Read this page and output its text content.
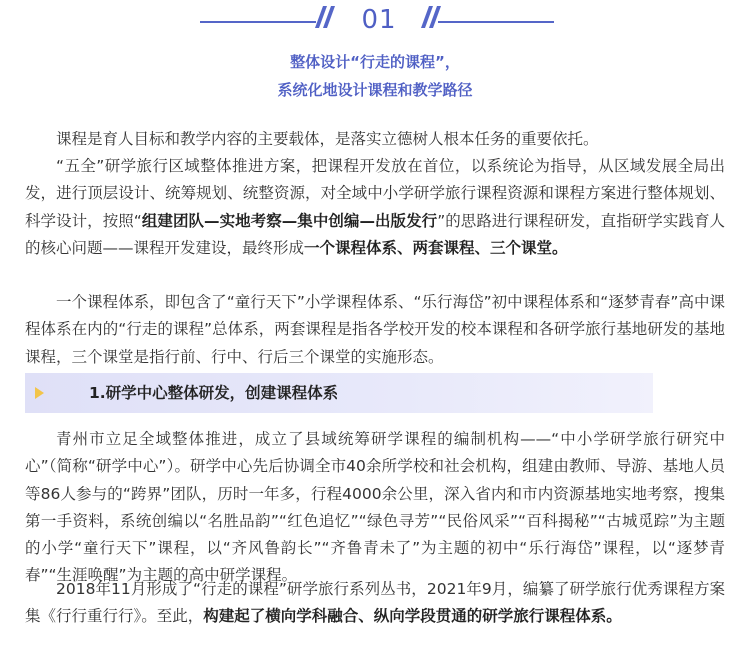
01
整体设计“行走的课程”，
系统化地设计课程和教学路径

课程是育人目标和教学内容的主要载体，是落实立德树人根本任务的重要依托。

“五全”研学旅行区域整体推进方案，把课程开发放在首位，以系统论为指导，从区域发展全局出发，进行顶层设计、统筹规划、统整资源，对全域中小学研学旅行课程资源和课程方案进行整体规划、科学设计，按照“组建团队—实地考察—集中创编—出版发行”的思路进行课程研发，直指研学实践育人的核心问题——课程开发建设，最终形成一个课程体系、两套课程、三个课堂。

一个课程体系，即包含了“童行天下”小学课程体系、“乐行海岱”初中课程体系和“逐梦青春”高中课程体系在内的“行走的课程”总体系，两套课程是指各学校开发的校本课程和各研学旅行基地研发的基地课程，三个课堂是指行前、行中、行后三个课堂的实施形态。

1.研学中心整体研发，创建课程体系

青州市立足全域整体推进，成立了县域统筹研学课程的编制机构——“中小学研学旅行研究中心”（简称“研学中心”）。研学中心先后协调全市40余所学校和社会机构，组建由教师、导游、基地人员等86人参与的“跨界”团队，历时一年多，行程4000余公里，深入省内和市内资源基地实地考察，搜集第一手资料，系统创编以“名胜品韵”“红色追忆”“绿色寻芳”“民俗风采”“百科揭秘”“古城觅踪”为主题的小学“童行天下”课程，以“齐风鲁韵长”“齐鲁青未了”为主题的初中“乐行海岱”课程，以“逐梦青春”“生涯唤醒”为主题的高中研学课程。

2018年11月形成了“行走的课程”研学旅行系列丛书，2021年9月，编纂了研学旅行优秀课程方案集《行行重行行》。至此，构建起了横向学科融合、纵向学段贯通的研学旅行课程体系。
